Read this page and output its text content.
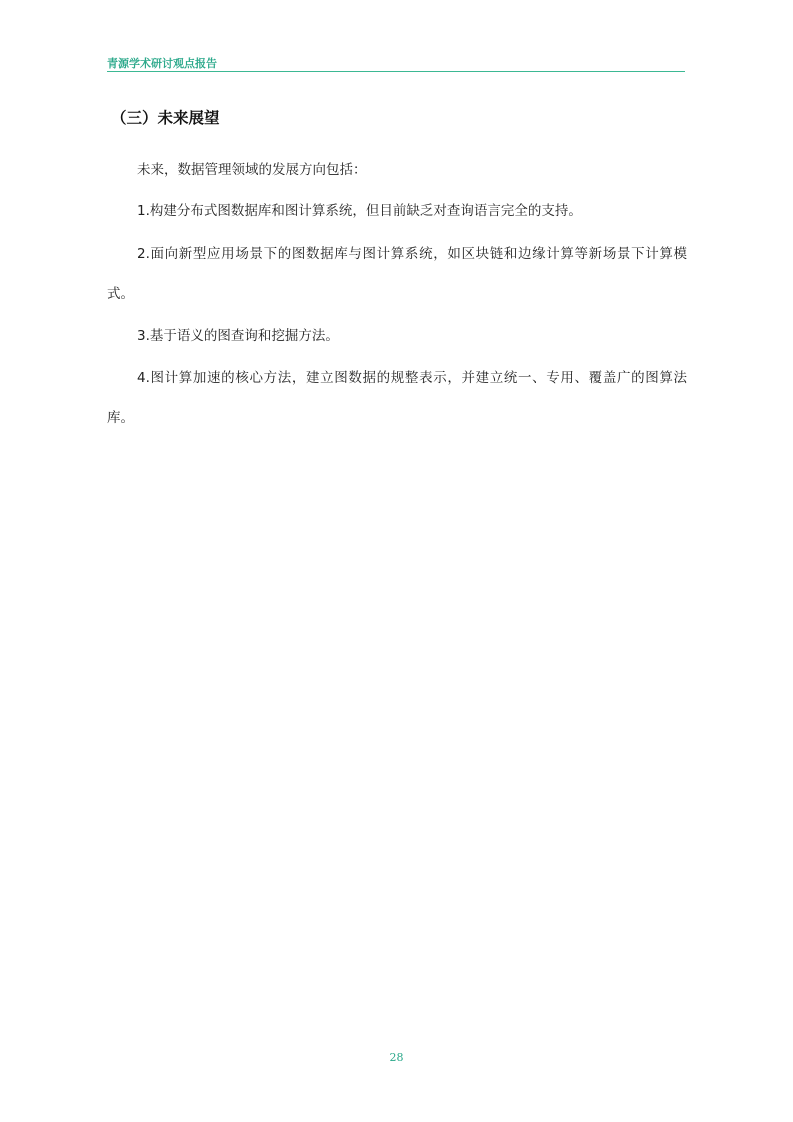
青源学术研讨观点报告
（三）未来展望

未来，数据管理领域的发展方向包括：

1.构建分布式图数据库和图计算系统，但目前缺乏对查询语言完全的支持。

2.面向新型应用场景下的图数据库与图计算系统，如区块链和边缘计算等新场景下计算模式。

3.基于语义的图查询和挖掘方法。

4.图计算加速的核心方法，建立图数据的规整表示，并建立统一、专用、覆盖广的图算法库。

28
